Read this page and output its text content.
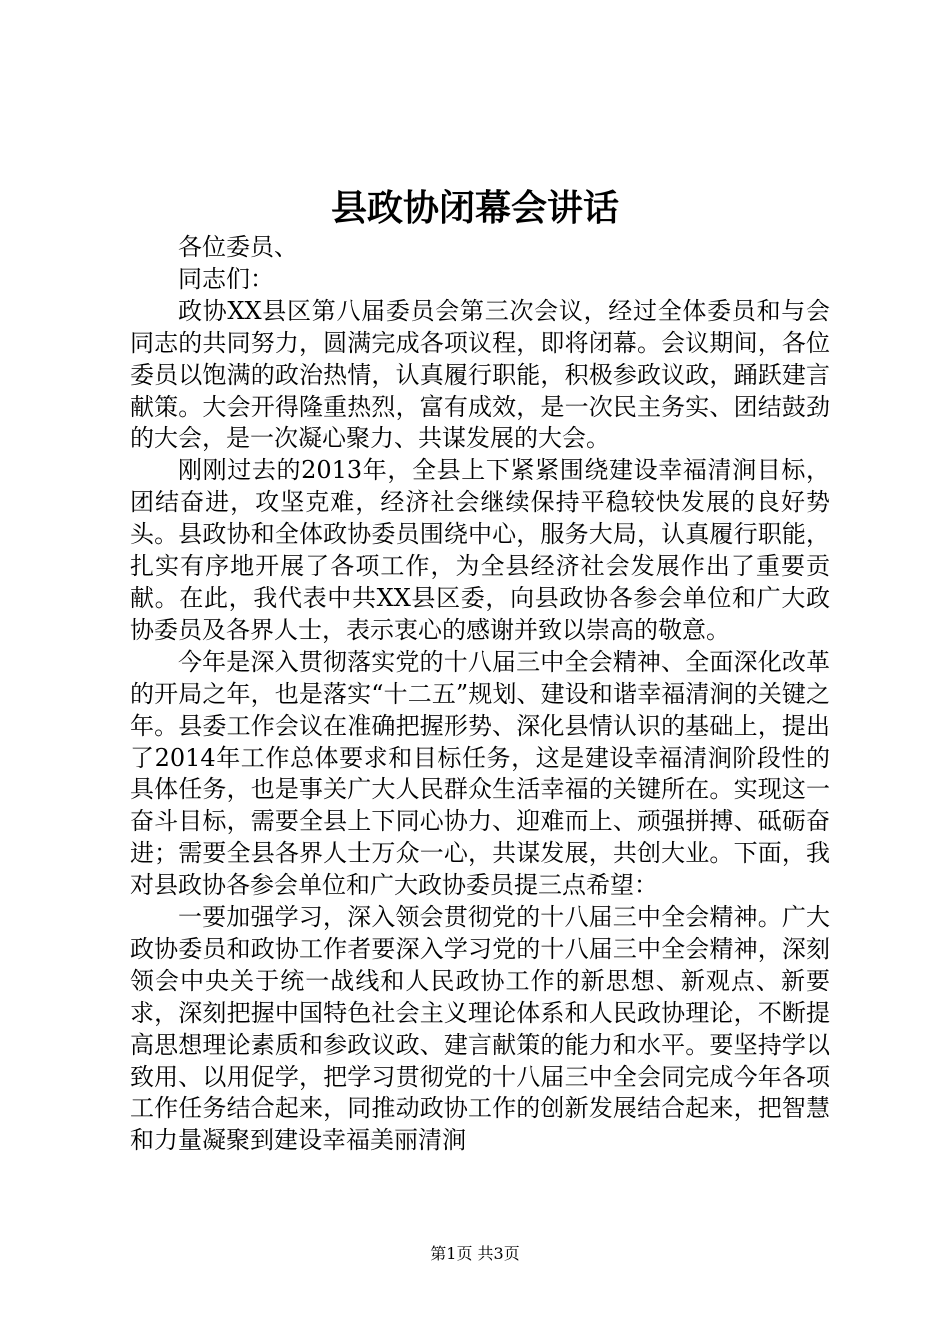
县政协闭幕会讲话

各位委员、

同志们：

政协XX县区第八届委员会第三次会议，经过全体委员和与会同志的共同努力，圆满完成各项议程，即将闭幕。会议期间，各位委员以饱满的政治热情，认真履行职能，积极参政议政，踊跃建言献策。大会开得隆重热烈，富有成效，是一次民主务实、团结鼓劲的大会，是一次凝心聚力、共谋发展的大会。

刚刚过去的2013年，全县上下紧紧围绕建设幸福清涧目标，团结奋进，攻坚克难，经济社会继续保持平稳较快发展的良好势头。县政协和全体政协委员围绕中心，服务大局，认真履行职能，扎实有序地开展了各项工作，为全县经济社会发展作出了重要贡献。在此，我代表中共XX县区委，向县政协各参会单位和广大政协委员及各界人士，表示衷心的感谢并致以崇高的敬意。

今年是深入贯彻落实党的十八届三中全会精神、全面深化改革的开局之年，也是落实“十二五”规划、建设和谐幸福清涧的关键之年。县委工作会议在准确把握形势、深化县情认识的基础上，提出了2014年工作总体要求和目标任务，这是建设幸福清涧阶段性的具体任务，也是事关广大人民群众生活幸福的关键所在。实现这一奋斗目标，需要全县上下同心协力、迎难而上、顽强拼搏、砥砺奋进；需要全县各界人士万众一心，共谋发展，共创大业。下面，我对县政协各参会单位和广大政协委员提三点希望：

一要加强学习，深入领会贯彻党的十八届三中全会精神。广大政协委员和政协工作者要深入学习党的十八届三中全会精神，深刻领会中央关于统一战线和人民政协工作的新思想、新观点、新要求，深刻把握中国特色社会主义理论体系和人民政协理论，不断提高思想理论素质和参政议政、建言献策的能力和水平。要坚持学以致用、以用促学，把学习贯彻党的十八届三中全会同完成今年各项工作任务结合起来，同推动政协工作的创新发展结合起来，把智慧和力量凝聚到建设幸福美丽清涧

第1页 共3页
